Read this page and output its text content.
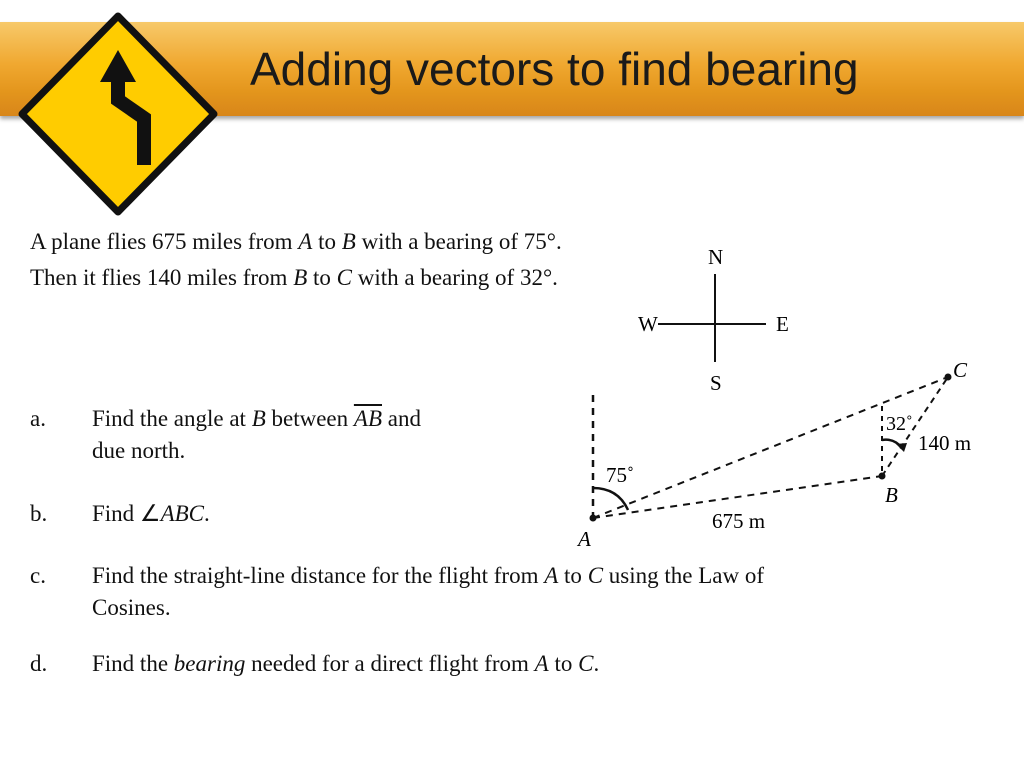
Adding vectors to find bearing
A plane flies 675 miles from A to B with a bearing of 75°. Then it flies 140 miles from B to C with a bearing of 32°.
a. Find the angle at B between $\overline{AB}$ and
due north.
b. Find ∠ABC.
c. Find the straight-line distance for the flight from A to C using the Law of
Cosines.
d. Find the bearing needed for a direct flight from A to C.
N
S
W	E
A
B
C
75˚
32˚
675 m
140 m
